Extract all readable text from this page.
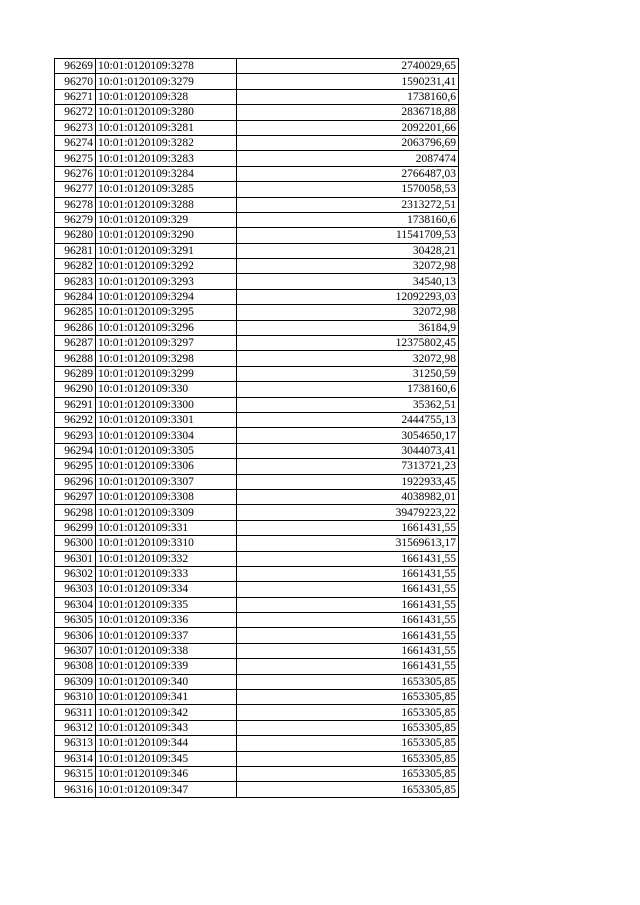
96269	10:01:0120109:3278	2740029,65
96270	10:01:0120109:3279	1590231,41
96271	10:01:0120109:328	1738160,6
96272	10:01:0120109:3280	2836718,88
96273	10:01:0120109:3281	2092201,66
96274	10:01:0120109:3282	2063796,69
96275	10:01:0120109:3283	2087474
96276	10:01:0120109:3284	2766487,03
96277	10:01:0120109:3285	1570058,53
96278	10:01:0120109:3288	2313272,51
96279	10:01:0120109:329	1738160,6
96280	10:01:0120109:3290	11541709,53
96281	10:01:0120109:3291	30428,21
96282	10:01:0120109:3292	32072,98
96283	10:01:0120109:3293	34540,13
96284	10:01:0120109:3294	12092293,03
96285	10:01:0120109:3295	32072,98
96286	10:01:0120109:3296	36184,9
96287	10:01:0120109:3297	12375802,45
96288	10:01:0120109:3298	32072,98
96289	10:01:0120109:3299	31250,59
96290	10:01:0120109:330	1738160,6
96291	10:01:0120109:3300	35362,51
96292	10:01:0120109:3301	2444755,13
96293	10:01:0120109:3304	3054650,17
96294	10:01:0120109:3305	3044073,41
96295	10:01:0120109:3306	7313721,23
96296	10:01:0120109:3307	1922933,45
96297	10:01:0120109:3308	4038982,01
96298	10:01:0120109:3309	39479223,22
96299	10:01:0120109:331	1661431,55
96300	10:01:0120109:3310	31569613,17
96301	10:01:0120109:332	1661431,55
96302	10:01:0120109:333	1661431,55
96303	10:01:0120109:334	1661431,55
96304	10:01:0120109:335	1661431,55
96305	10:01:0120109:336	1661431,55
96306	10:01:0120109:337	1661431,55
96307	10:01:0120109:338	1661431,55
96308	10:01:0120109:339	1661431,55
96309	10:01:0120109:340	1653305,85
96310	10:01:0120109:341	1653305,85
96311	10:01:0120109:342	1653305,85
96312	10:01:0120109:343	1653305,85
96313	10:01:0120109:344	1653305,85
96314	10:01:0120109:345	1653305,85
96315	10:01:0120109:346	1653305,85
96316	10:01:0120109:347	1653305,85
